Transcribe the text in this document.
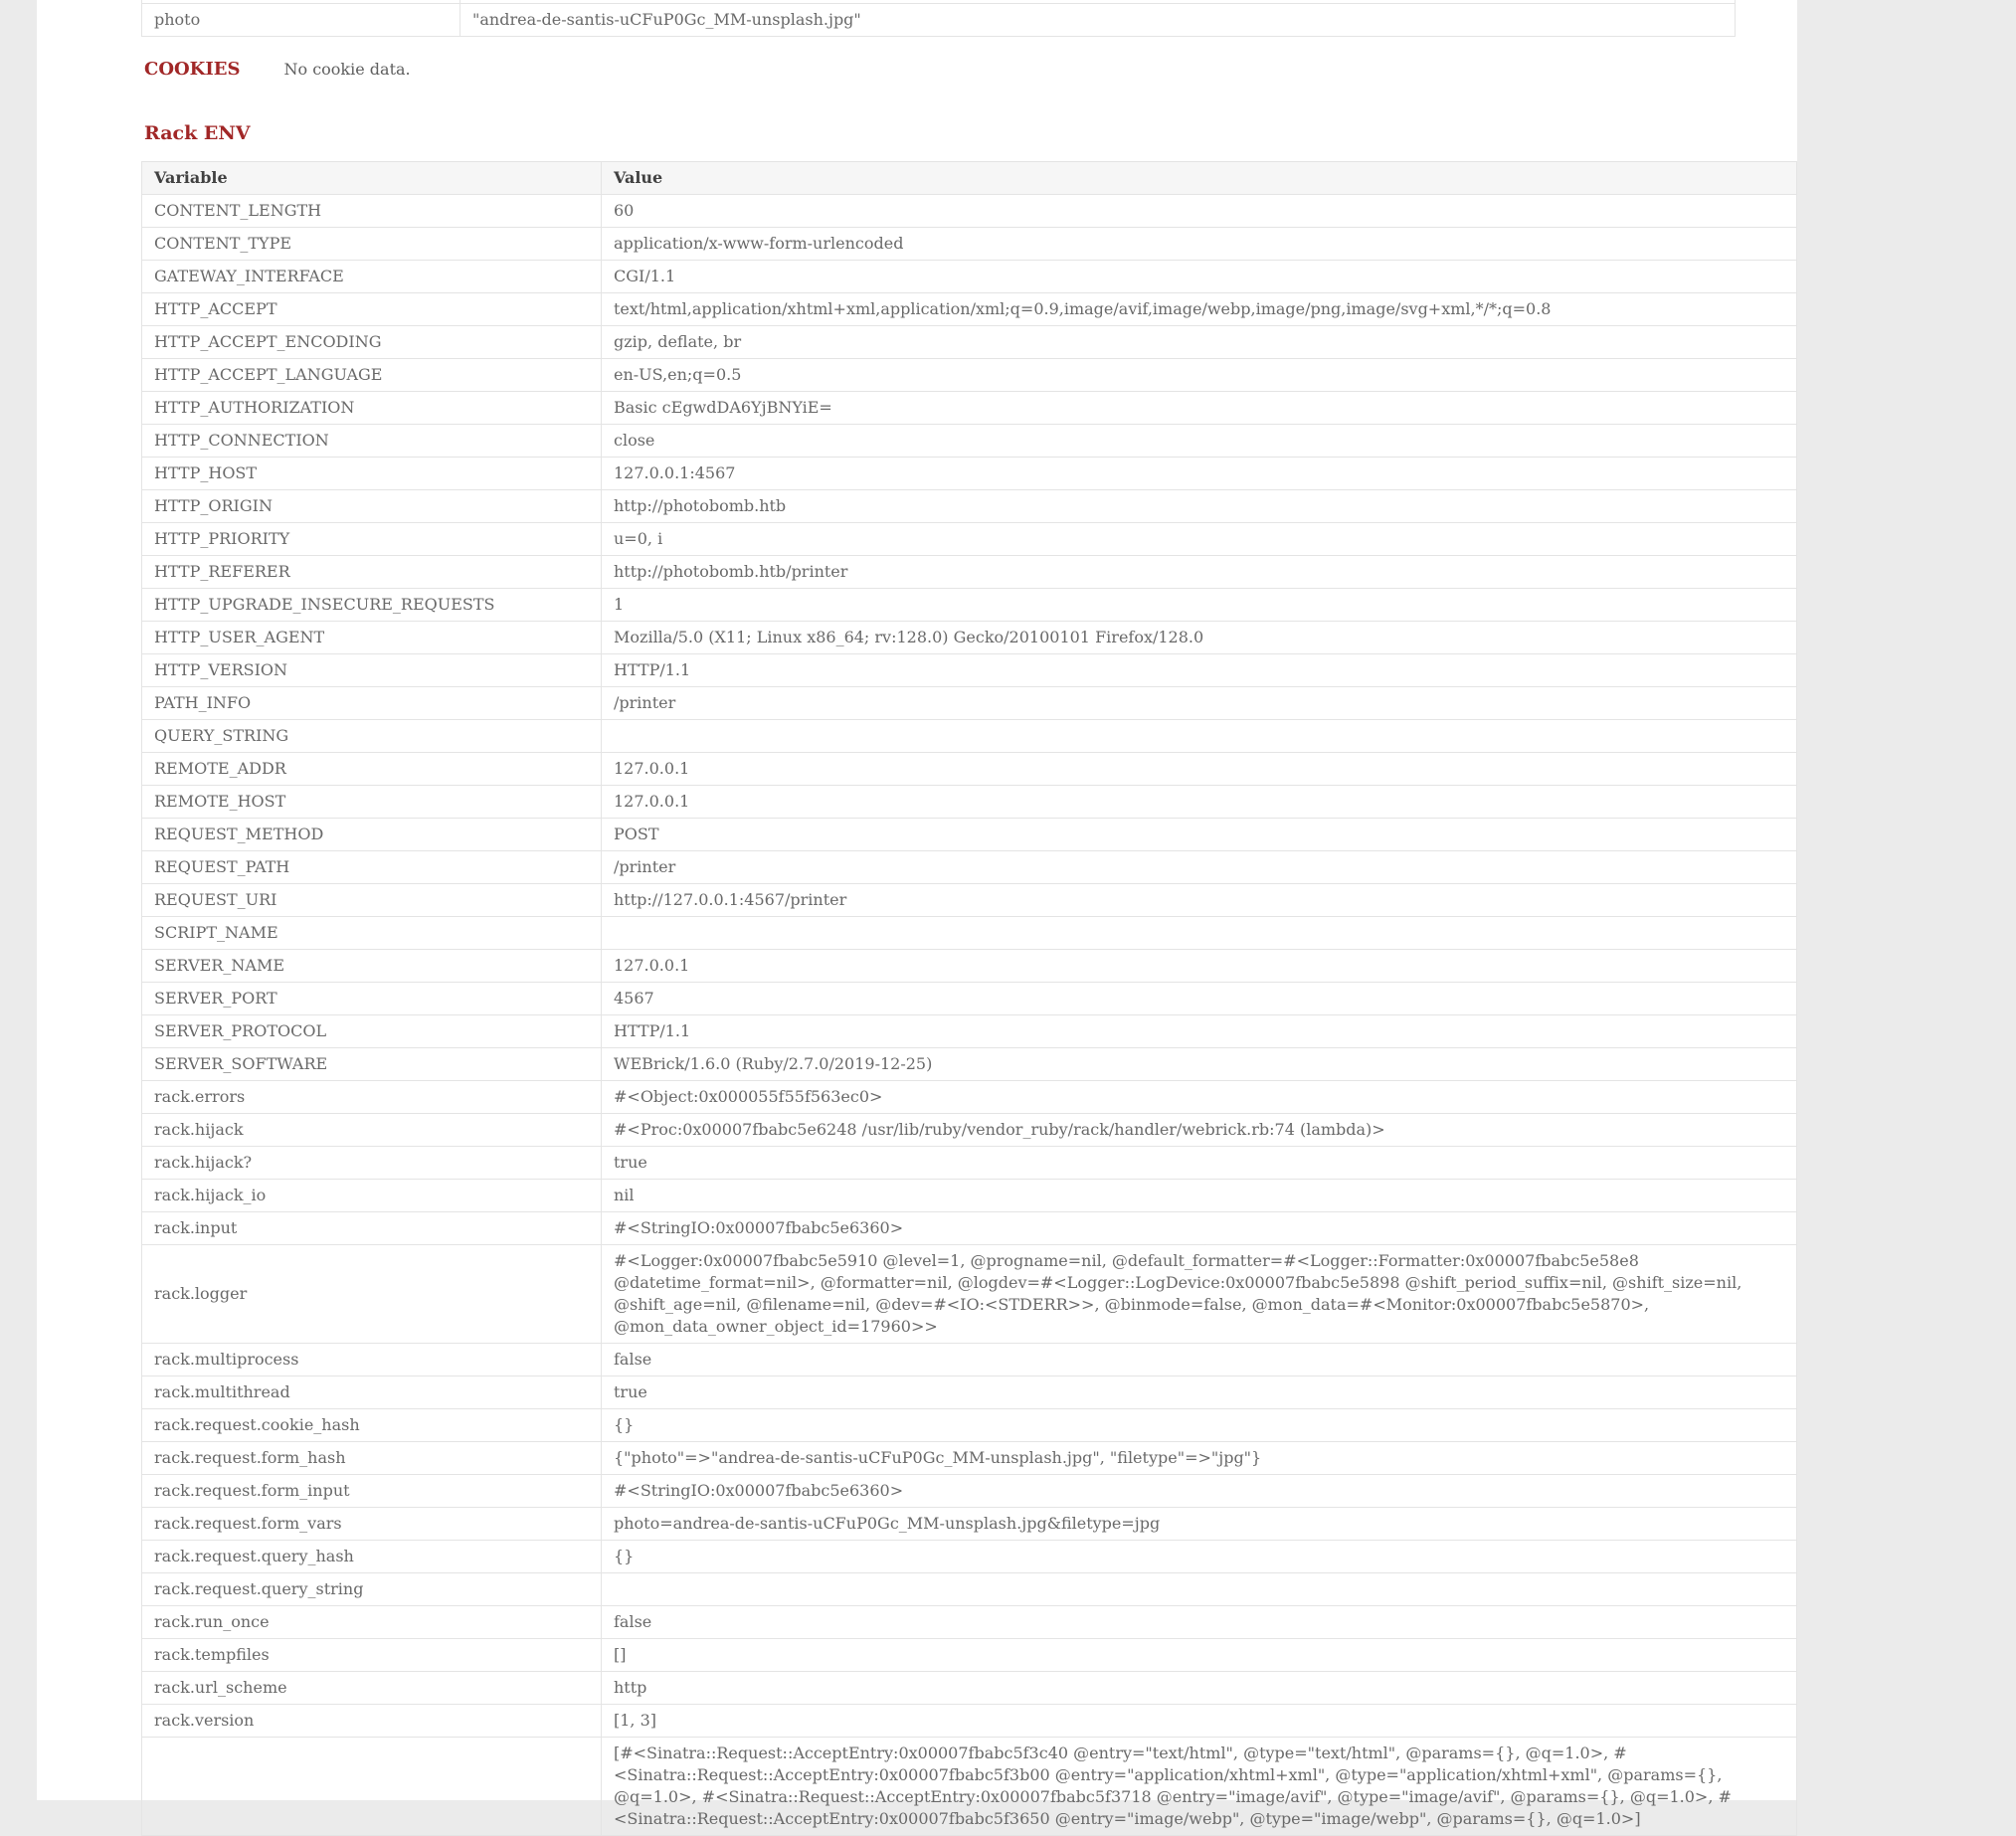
photo	"andrea-de-santis-uCFuP0Gc_MM-unsplash.jpg"
COOKIES	No cookie data.

Rack ENV
Variable	Value
CONTENT_LENGTH	60
CONTENT_TYPE	application/x-www-form-urlencoded
GATEWAY_INTERFACE	CGI/1.1
HTTP_ACCEPT	text/html,application/xhtml+xml,application/xml;q=0.9,image/avif,image/webp,image/png,image/svg+xml,*/*;q=0.8
HTTP_ACCEPT_ENCODING	gzip, deflate, br
HTTP_ACCEPT_LANGUAGE	en-US,en;q=0.5
HTTP_AUTHORIZATION	Basic cEgwdDA6YjBNYiE=
HTTP_CONNECTION	close
HTTP_HOST	127.0.0.1:4567
HTTP_ORIGIN	http://photobomb.htb
HTTP_PRIORITY	u=0, i
HTTP_REFERER	http://photobomb.htb/printer
HTTP_UPGRADE_INSECURE_REQUESTS	1
HTTP_USER_AGENT	Mozilla/5.0 (X11; Linux x86_64; rv:128.0) Gecko/20100101 Firefox/128.0
HTTP_VERSION	HTTP/1.1
PATH_INFO	/printer
QUERY_STRING	
REMOTE_ADDR	127.0.0.1
REMOTE_HOST	127.0.0.1
REQUEST_METHOD	POST
REQUEST_PATH	/printer
REQUEST_URI	http://127.0.0.1:4567/printer
SCRIPT_NAME	
SERVER_NAME	127.0.0.1
SERVER_PORT	4567
SERVER_PROTOCOL	HTTP/1.1
SERVER_SOFTWARE	WEBrick/1.6.0 (Ruby/2.7.0/2019-12-25)
rack.errors	#<Object:0x000055f55f563ec0>
rack.hijack	#<Proc:0x00007fbabc5e6248 /usr/lib/ruby/vendor_ruby/rack/handler/webrick.rb:74 (lambda)>
rack.hijack?	true
rack.hijack_io	nil
rack.input	#<StringIO:0x00007fbabc5e6360>
rack.logger	#<Logger:0x00007fbabc5e5910 @level=1, @progname=nil, @default_formatter=#<Logger::Formatter:0x00007fbabc5e58e8 @datetime_format=nil>, @formatter=nil, @logdev=#<Logger::LogDevice:0x00007fbabc5e5898 @shift_period_suffix=nil, @shift_size=nil, @shift_age=nil, @filename=nil, @dev=#<IO:<STDERR>>, @binmode=false, @mon_data=#<Monitor:0x00007fbabc5e5870>, @mon_data_owner_object_id=17960>>
rack.multiprocess	false
rack.multithread	true
rack.request.cookie_hash	{}
rack.request.form_hash	{"photo"=>"andrea-de-santis-uCFuP0Gc_MM-unsplash.jpg", "filetype"=>"jpg"}
rack.request.form_input	#<StringIO:0x00007fbabc5e6360>
rack.request.form_vars	photo=andrea-de-santis-uCFuP0Gc_MM-unsplash.jpg&filetype=jpg
rack.request.query_hash	{}
rack.request.query_string	
rack.run_once	false
rack.tempfiles	[]
rack.url_scheme	http
rack.version	[1, 3]
	[#<Sinatra::Request::AcceptEntry:0x00007fbabc5f3c40 @entry="text/html", @type="text/html", @params={}, @q=1.0>, #<Sinatra::Request::AcceptEntry:0x00007fbabc5f3b00 @entry="application/xhtml+xml", @type="application/xhtml+xml", @params={}, @q=1.0>, #<Sinatra::Request::AcceptEntry:0x00007fbabc5f3718 @entry="image/avif", @type="image/avif", @params={}, @q=1.0>, #<Sinatra::Request::AcceptEntry:0x00007fbabc5f3650 @entry="image/webp", @type="image/webp", @params={}, @q=1.0>]
